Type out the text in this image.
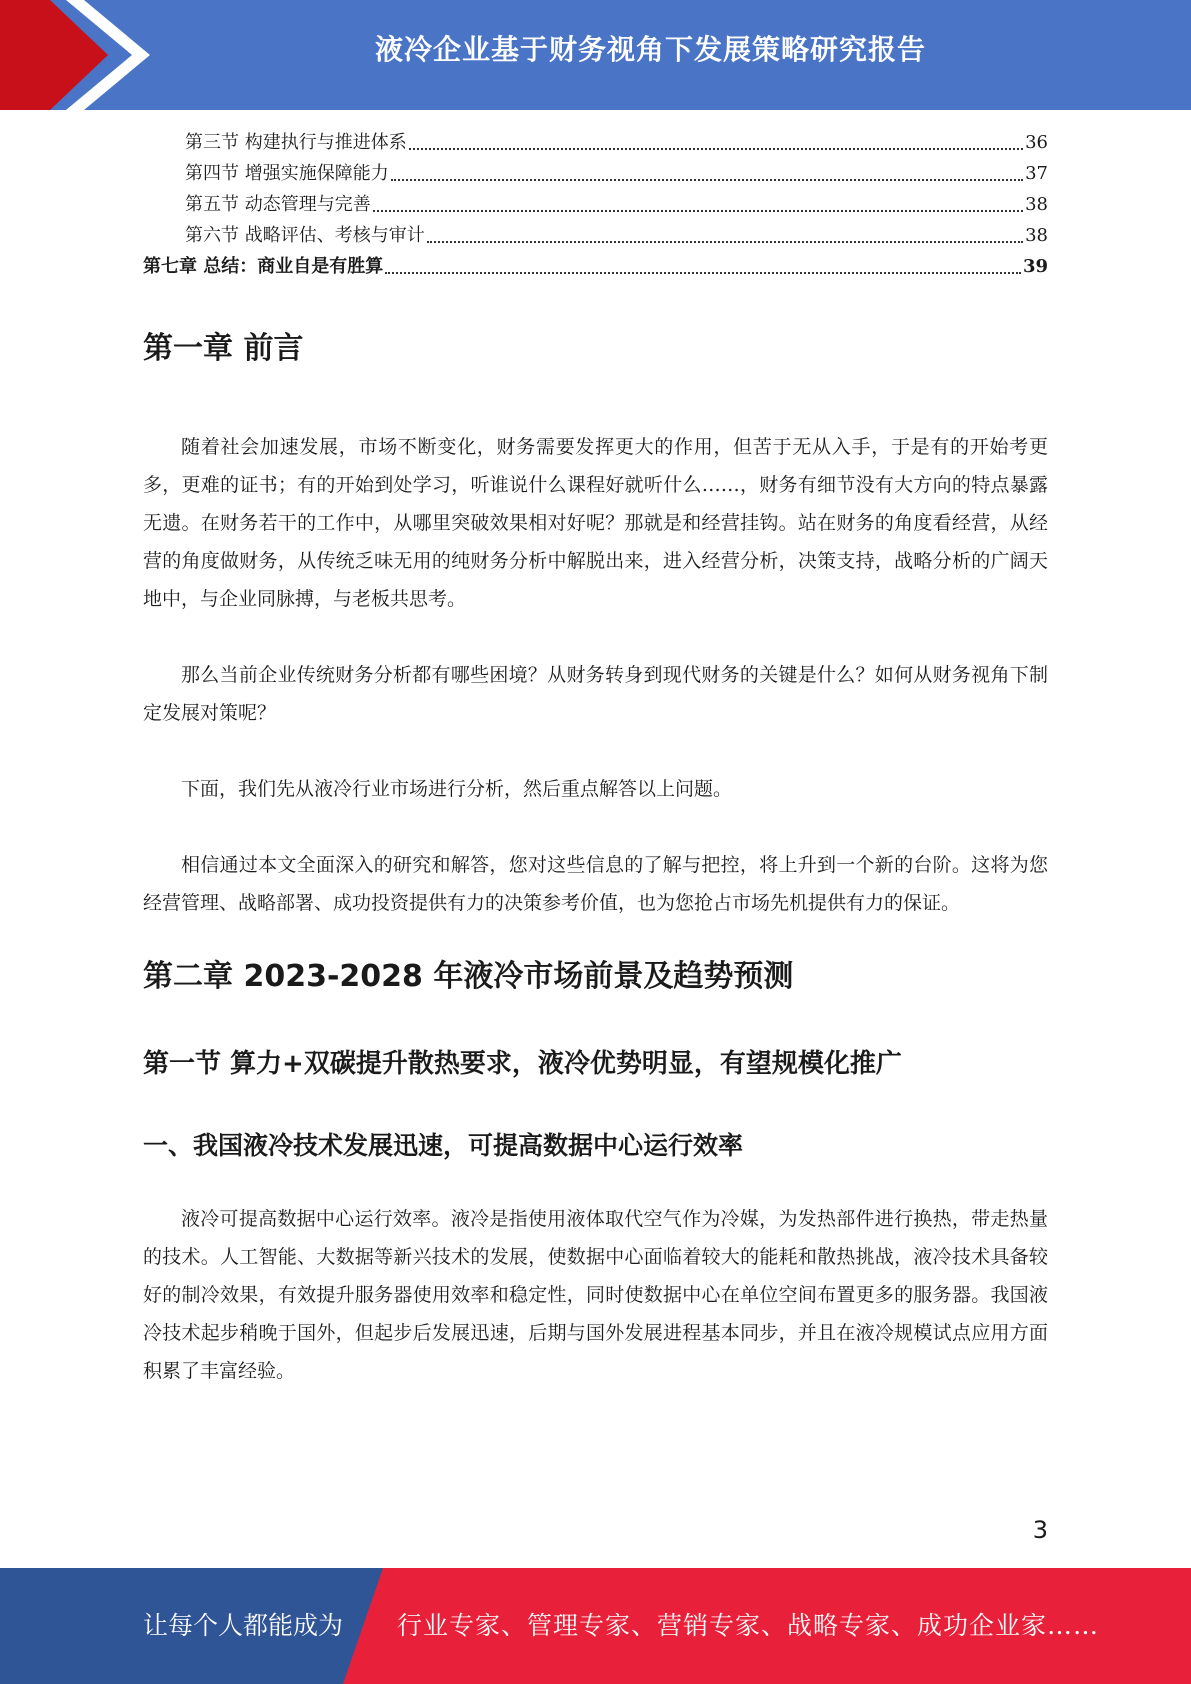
液冷企业基于财务视角下发展策略研究报告
第三节 构建执行与推进体系	36
第四节 增强实施保障能力	37
第五节 动态管理与完善	38
第六节 战略评估、考核与审计	38
第七章 总结：商业自是有胜算	39
第一章 前言

随着社会加速发展，市场不断变化，财务需要发挥更大的作用，但苦于无从入手，于是有的开始考更多，更难的证书；有的开始到处学习，听谁说什么课程好就听什么……，财务有细节没有大方向的特点暴露无遗。在财务若干的工作中，从哪里突破效果相对好呢？那就是和经营挂钩。站在财务的角度看经营，从经营的角度做财务，从传统乏味无用的纯财务分析中解脱出来，进入经营分析，决策支持，战略分析的广阔天地中，与企业同脉搏，与老板共思考。

那么当前企业传统财务分析都有哪些困境？从财务转身到现代财务的关键是什么？如何从财务视角下制定发展对策呢？

下面，我们先从液冷行业市场进行分析，然后重点解答以上问题。

相信通过本文全面深入的研究和解答，您对这些信息的了解与把控，将上升到一个新的台阶。这将为您经营管理、战略部署、成功投资提供有力的决策参考价值，也为您抢占市场先机提供有力的保证。

第二章 2023-2028 年液冷市场前景及趋势预测
第一节 算力+双碳提升散热要求，液冷优势明显，有望规模化推广
一、我国液冷技术发展迅速，可提高数据中心运行效率

液冷可提高数据中心运行效率。液冷是指使用液体取代空气作为冷媒，为发热部件进行换热，带走热量的技术。人工智能、大数据等新兴技术的发展，使数据中心面临着较大的能耗和散热挑战，液冷技术具备较好的制冷效果，有效提升服务器使用效率和稳定性，同时使数据中心在单位空间布置更多的服务器。我国液冷技术起步稍晚于国外，但起步后发展迅速，后期与国外发展进程基本同步，并且在液冷规模试点应用方面积累了丰富经验。

3
让每个人都能成为 行业专家、管理专家、营销专家、战略专家、成功企业家……
